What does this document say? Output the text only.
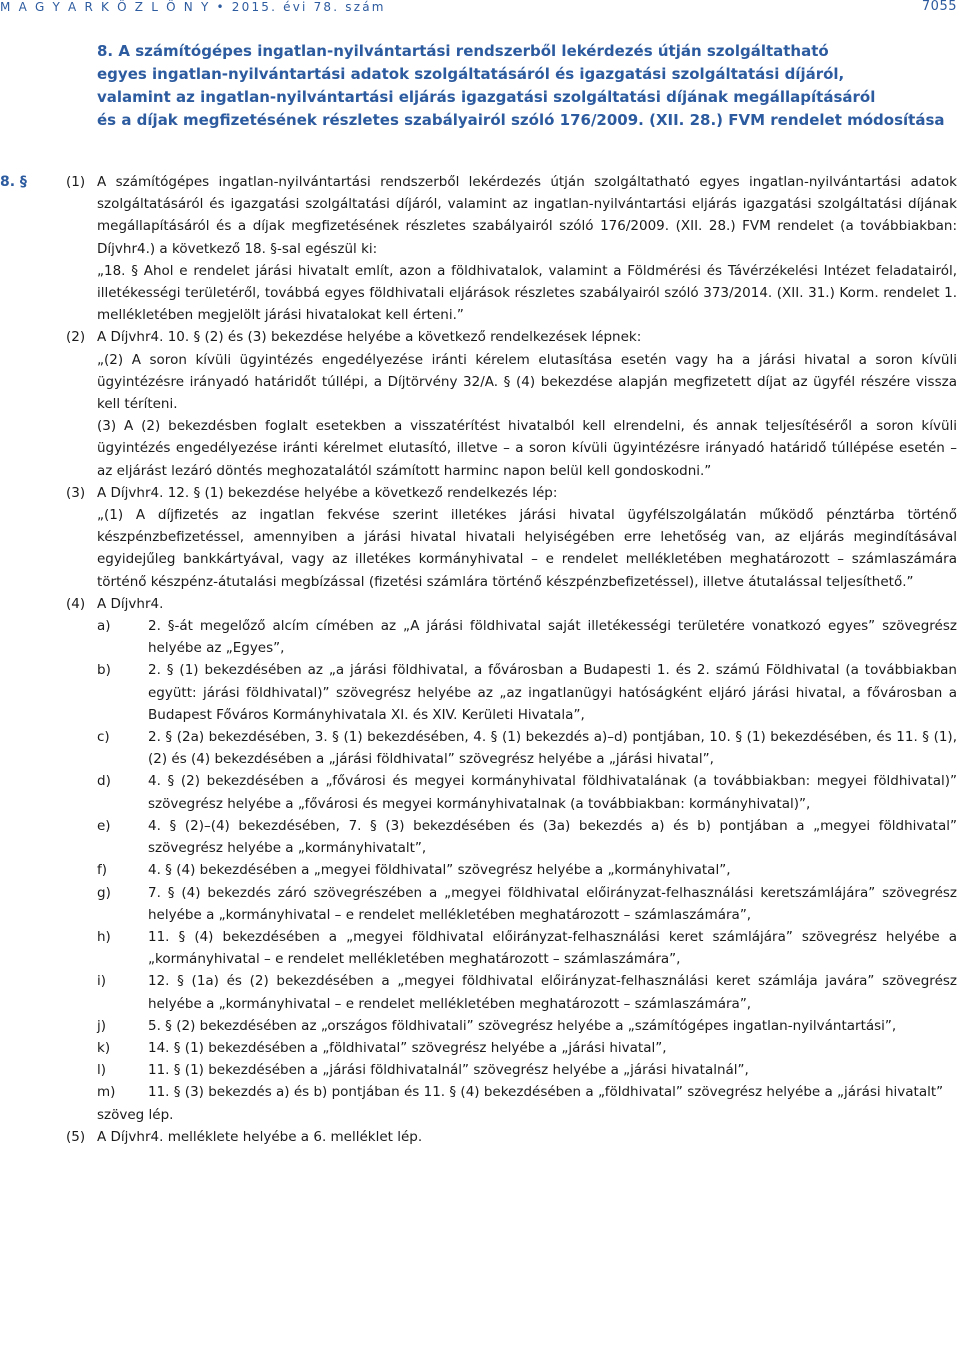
M A G Y A R K Ö Z L Ö N Y • 2015. évi 78. szám	7055
8. A számítógépes ingatlan-nyilvántartási rendszerből lekérdezés útján szolgáltatható
egyes ingatlan-nyilvántartási adatok szolgáltatásáról és igazgatási szolgáltatási díjáról,
valamint az ingatlan-nyilvántartási eljárás igazgatási szolgáltatási díjának megállapításáról
és a díjak megfizetésének részletes szabályairól szóló 176/2009. (XII. 28.) FVM rendelet módosítása
8. §	(1) A számítógépes ingatlan-nyilvántartási rendszerből lekérdezés útján szolgáltatható egyes ingatlan-nyilvántartási adatok szolgáltatásáról és igazgatási szolgáltatási díjáról, valamint az ingatlan-nyilvántartási eljárás igazgatási szolgáltatási díjának megállapításáról és a díjak megfizetésének részletes szabályairól szóló 176/2009. (XII. 28.) FVM rendelet (a továbbiakban: Díjvhr4.) a következő 18. §-sal egészül ki:
„18. § Ahol e rendelet járási hivatalt említ, azon a földhivatalok, valamint a Földmérési és Távérzékelési Intézet feladatairól, illetékességi területéről, továbbá egyes földhivatali eljárások részletes szabályairól szóló 373/2014. (XII. 31.) Korm. rendelet 1. mellékletében megjelölt járási hivatalokat kell érteni.”
(2) A Díjvhr4. 10. § (2) és (3) bekezdése helyébe a következő rendelkezések lépnek:
„(2) A soron kívüli ügyintézés engedélyezése iránti kérelem elutasítása esetén vagy ha a járási hivatal a soron kívüli ügyintézésre irányadó határidőt túllépi, a Díjtörvény 32/A. § (4) bekezdése alapján megfizetett díjat az ügyfél részére vissza kell téríteni.
(3) A (2) bekezdésben foglalt esetekben a visszatérítést hivatalból kell elrendelni, és annak teljesítéséről a soron kívüli ügyintézés engedélyezése iránti kérelmet elutasító, illetve – a soron kívüli ügyintézésre irányadó határidő túllépése esetén – az eljárást lezáró döntés meghozatalától számított harminc napon belül kell gondoskodni.”
(3) A Díjvhr4. 12. § (1) bekezdése helyébe a következő rendelkezés lép:
„(1) A díjfizetés az ingatlan fekvése szerint illetékes járási hivatal ügyfélszolgálatán működő pénztárba történő készpénzbefizetéssel, amennyiben a járási hivatal hivatali helyiségében erre lehetőség van, az eljárás megindításával egyidejűleg bankkártyával, vagy az illetékes kormányhivatal – e rendelet mellékletében meghatározott – számlaszámára történő készpénz-átutalási megbízással (fizetési számlára történő készpénzbefizetéssel), illetve átutalással teljesíthető.”
(4) A Díjvhr4.
a)	2. §-át megelőző alcím címében az „A járási földhivatal saját illetékességi területére vonatkozó egyes” szövegrész helyébe az „Egyes”,
b)	2. § (1) bekezdésében az „a járási földhivatal, a fővárosban a Budapesti 1. és 2. számú Földhivatal (a továbbiakban együtt: járási földhivatal)” szövegrész helyébe az „az ingatlanügyi hatóságként eljáró járási hivatal, a fővárosban a Budapest Főváros Kormányhivatala XI. és XIV. Kerületi Hivatala”,
c)	2. § (2a) bekezdésében, 3. § (1) bekezdésében, 4. § (1) bekezdés a)–d) pontjában, 10. § (1) bekezdésében, és 11. § (1), (2) és (4) bekezdésében a „járási földhivatal” szövegrész helyébe a „járási hivatal”,
d)	4. § (2) bekezdésében a „fővárosi és megyei kormányhivatal földhivatalának (a továbbiakban: megyei földhivatal)” szövegrész helyébe a „fővárosi és megyei kormányhivatalnak (a továbbiakban: kormányhivatal)”,
e)	4. § (2)–(4) bekezdésében, 7. § (3) bekezdésében és (3a) bekezdés a) és b) pontjában a „megyei földhivatal” szövegrész helyébe a „kormányhivatalt”,
f)	4. § (4) bekezdésében a „megyei földhivatal” szövegrész helyébe a „kormányhivatal”,
g)	7. § (4) bekezdés záró szövegrészében a „megyei földhivatal előirányzat-felhasználási keretszámlájára” szövegrész helyébe a „kormányhivatal – e rendelet mellékletében meghatározott – számlaszámára”,
h)	11. § (4) bekezdésében a „megyei földhivatal előirányzat-felhasználási keret számlájára” szövegrész helyébe a „kormányhivatal – e rendelet mellékletében meghatározott – számlaszámára”,
i)	12. § (1a) és (2) bekezdésében a „megyei földhivatal előirányzat-felhasználási keret számlája javára” szövegrész helyébe a „kormányhivatal – e rendelet mellékletében meghatározott – számlaszámára”,
j)	5. § (2) bekezdésében az „országos földhivatali” szövegrész helyébe a „számítógépes ingatlan-nyilvántartási”,
k)	14. § (1) bekezdésében a „földhivatal” szövegrész helyébe a „járási hivatal”,
l)	11. § (1) bekezdésében a „járási földhivatalnál” szövegrész helyébe a „járási hivatalnál”,
m) 11. § (3) bekezdés a) és b) pontjában és 11. § (4) bekezdésében a „földhivatal” szövegrész helyébe a „járási hivatalt”
szöveg lép.
(5) A Díjvhr4. melléklete helyébe a 6. melléklet lép.
